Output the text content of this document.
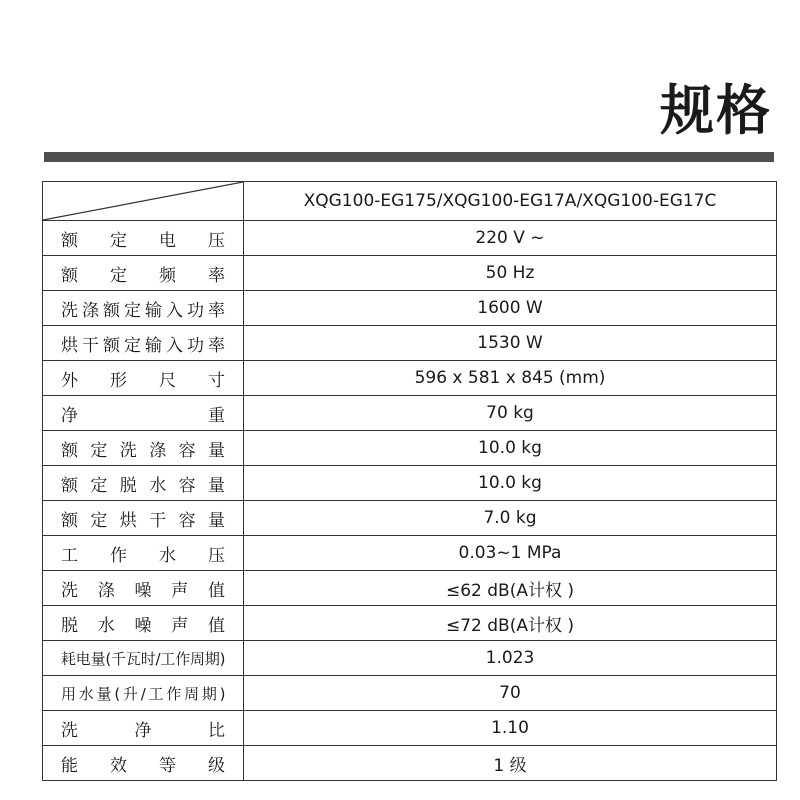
规格
	XQG100-EG175/XQG100-EG17A/XQG100-EG17C
额 定 电 压	220 V ~
额 定 频 率	50 Hz
洗涤额定输入功率	1600 W
烘干额定输入功率	1530 W
外 形 尺 寸	596 x 581 x 845 (mm)
净 重	70 kg
额 定 洗 涤 容 量	10.0 kg
额 定 脱 水 容 量	10.0 kg
额 定 烘 干 容 量	7.0 kg
工 作 水 压	0.03~1 MPa
洗 涤 噪 声 值	≤62 dB(A计权 )
脱 水 噪 声 值	≤72 dB(A计权 )
耗电量(千瓦时/工作周期)	1.023
用水量(升/工作周期)	70
洗 净 比	1.10
能 效 等 级	1 级
